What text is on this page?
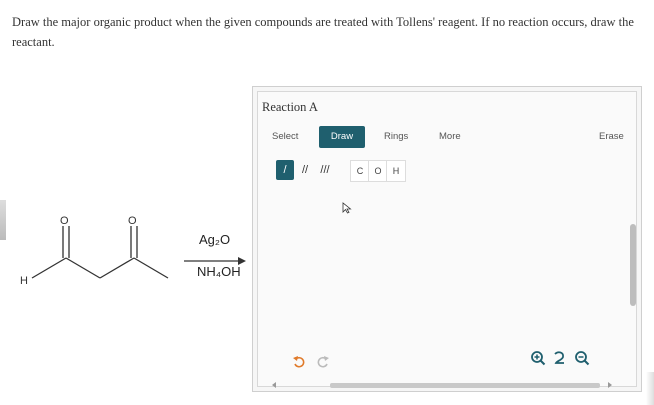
Draw the major organic product when the given compounds are treated with Tollens' reagent. If no reaction occurs, draw the reactant.
O	O
H
Ag₂O
NH₄OH
Reaction A
Select	Draw	Rings	More	Erase
/	//	///	C	O	H
